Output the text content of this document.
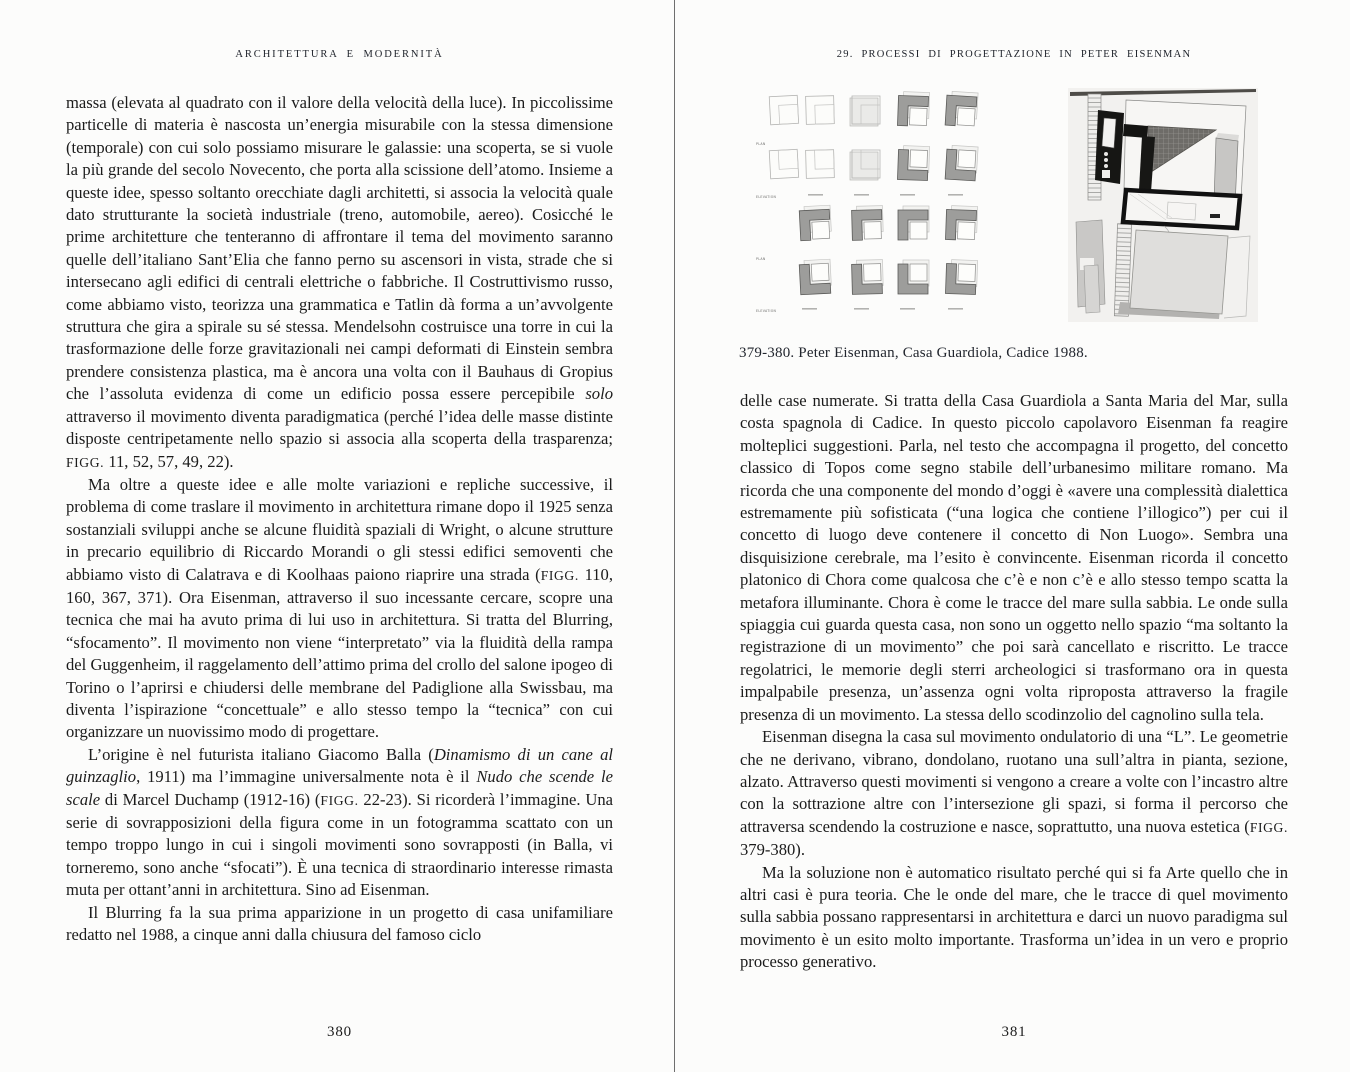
ARCHITETTURA E MODERNITÀ

massa (elevata al quadrato con il valore della velocità della luce). In piccolissime particelle di materia è nascosta un’energia misurabile con la stessa dimensione (temporale) con cui solo possiamo misurare le galassie: una scoperta, se si vuole la più grande del secolo Novecento, che porta alla scissione dell’atomo. Insieme a queste idee, spesso soltanto orecchiate dagli architetti, si associa la velocità quale dato strutturante la società industriale (treno, automobile, aereo). Cosicché le prime architetture che tenteranno di affrontare il tema del movimento saranno quelle dell’italiano Sant’Elia che fanno perno su ascensori in vista, strade che si intersecano agli edifici di centrali elettriche o fabbriche. Il Costruttivismo russo, come abbiamo visto, teorizza una grammatica e Tatlin dà forma a un’avvolgente struttura che gira a spirale su sé stessa. Mendelsohn costruisce una torre in cui la trasformazione delle forze gravitazionali nei campi deformati di Einstein sembra prendere consistenza plastica, ma è ancora una volta con il Bauhaus di Gropius che l’assoluta evidenza di come un edificio possa essere percepibile solo attraverso il movimento diventa paradigmatica (perché l’idea delle masse distinte disposte centripetamente nello spazio si associa alla scoperta della trasparenza; FIGG. 11, 52, 57, 49, 22).

Ma oltre a queste idee e alle molte variazioni e repliche successive, il problema di come traslare il movimento in architettura rimane dopo il 1925 senza sostanziali sviluppi anche se alcune fluidità spaziali di Wright, o alcune strutture in precario equilibrio di Riccardo Morandi o gli stessi edifici semoventi che abbiamo visto di Calatrava e di Koolhaas paiono riaprire una strada (FIGG. 110, 160, 367, 371). Ora Eisenman, attraverso il suo incessante cercare, scopre una tecnica che mai ha avuto prima di lui uso in architettura. Si tratta del Blurring, “sfocamento”. Il movimento non viene “interpretato” via la fluidità della rampa del Guggenheim, il raggelamento dell’attimo prima del crollo del salone ipogeo di Torino o l’aprirsi e chiudersi delle membrane del Padiglione alla Swissbau, ma diventa l’ispirazione “concettuale” e allo stesso tempo la “tecnica” con cui organizzare un nuovissimo modo di progettare.

L’origine è nel futurista italiano Giacomo Balla (Dinamismo di un cane al guinzaglio, 1911) ma l’immagine universalmente nota è il Nudo che scende le scale di Marcel Duchamp (1912-16) (FIGG. 22-23). Si ricorderà l’immagine. Una serie di sovrapposizioni della figura come in un fotogramma scattato con un tempo troppo lungo in cui i singoli movimenti sono sovrapposti (in Balla, vi torneremo, sono anche “sfocati”). È una tecnica di straordinario interesse rimasta muta per ottant’anni in architettura. Sino ad Eisenman.

Il Blurring fa la sua prima apparizione in un progetto di casa unifamiliare redatto nel 1988, a cinque anni dalla chiusura del famoso ciclo

380
29. PROCESSI DI PROGETTAZIONE IN PETER EISENMAN
PLAN
ELEVATION
PLAN
ELEVATION
379-380. Peter Eisenman, Casa Guardiola, Cadice 1988.

delle case numerate. Si tratta della Casa Guardiola a Santa Maria del Mar, sulla costa spagnola di Cadice. In questo piccolo capolavoro Eisenman fa reagire molteplici suggestioni. Parla, nel testo che accompagna il progetto, del concetto classico di Topos come segno stabile dell’urbanesimo militare romano. Ma ricorda che una componente del mondo d’oggi è «avere una complessità dialettica estremamente più sofisticata (“una logica che contiene l’illogico”) per cui il concetto di luogo deve contenere il concetto di Non Luogo». Sembra una disquisizione cerebrale, ma l’esito è convincente. Eisenman ricorda il concetto platonico di Chora come qualcosa che c’è e non c’è e allo stesso tempo scatta la metafora illuminante. Chora è come le tracce del mare sulla sabbia. Le onde sulla spiaggia cui guarda questa casa, non sono un oggetto nello spazio “ma soltanto la registrazione di un movimento” che poi sarà cancellato e riscritto. Le tracce regolatrici, le memorie degli sterri archeologici si trasformano ora in questa impalpabile presenza, un’assenza ogni volta riproposta attraverso la fragile presenza di un movimento. La stessa dello scodinzolio del cagnolino sulla tela.

Eisenman disegna la casa sul movimento ondulatorio di una “L”. Le geometrie che ne derivano, vibrano, dondolano, ruotano una sull’altra in pianta, sezione, alzato. Attraverso questi movimenti si vengono a creare a volte con l’incastro altre con la sottrazione altre con l’intersezione gli spazi, si forma il percorso che attraversa scendendo la costruzione e nasce, soprattutto, una nuova estetica (FIGG. 379-380).

Ma la soluzione non è automatico risultato perché qui si fa Arte quello che in altri casi è pura teoria. Che le onde del mare, che le tracce di quel movimento sulla sabbia possano rappresentarsi in architettura e darci un nuovo paradigma sul movimento è un esito molto importante. Trasforma un’idea in un vero e proprio processo generativo.

381
